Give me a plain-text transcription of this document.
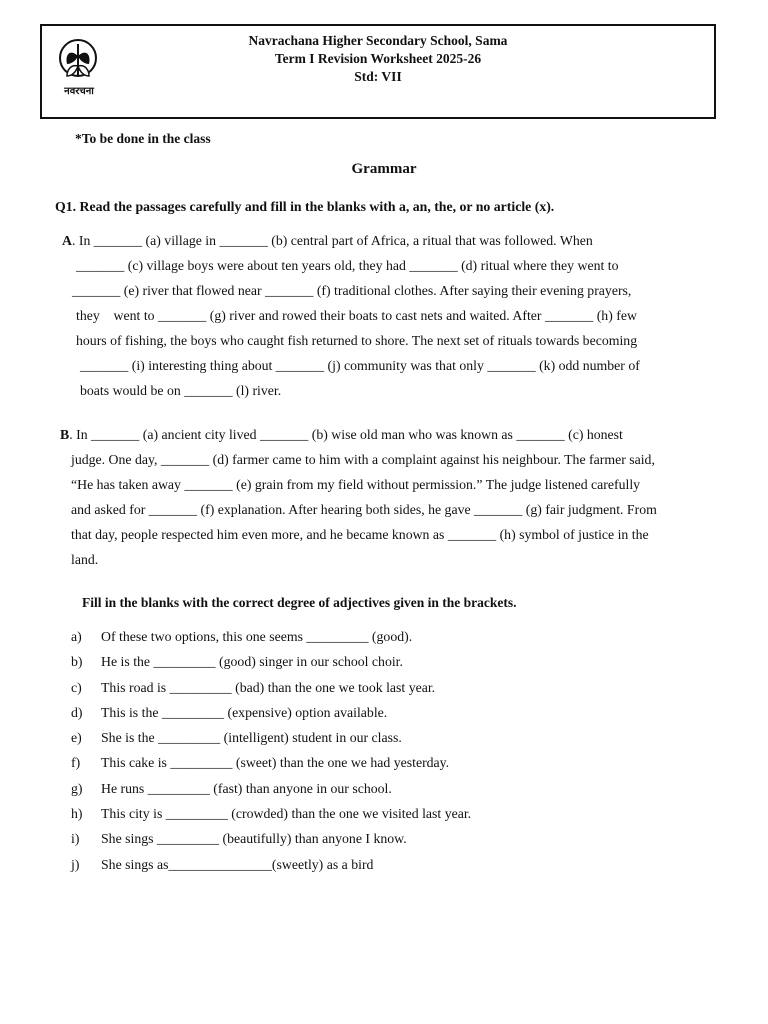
नवरचना
Navrachana Higher Secondary School, Sama
Term I Revision Worksheet 2025-26
Std: VII
*To be done in the class
Grammar
Q1. Read the passages carefully and fill in the blanks with a, an, the, or no article (x).
A. In _______ (a) village in _______ (b) central part of Africa, a ritual that was followed. When
_______ (c) village boys were about ten years old, they had _______ (d) ritual where they went to
_______ (e) river that flowed near _______ (f) traditional clothes. After saying their evening prayers,
they    went to _______ (g) river and rowed their boats to cast nets and waited. After _______ (h) few
hours of fishing, the boys who caught fish returned to shore. The next set of rituals towards becoming
_______ (i) interesting thing about _______ (j) community was that only _______ (k) odd number of
boats would be on _______ (l) river.
B. In _______ (a) ancient city lived _______ (b) wise old man who was known as _______ (c) honest
judge. One day, _______ (d) farmer came to him with a complaint against his neighbour. The farmer said,
“He has taken away _______ (e) grain from my field without permission.” The judge listened carefully
and asked for _______ (f) explanation. After hearing both sides, he gave _______ (g) fair judgment. From
that day, people respected him even more, and he became known as _______ (h) symbol of justice in the
land.
Fill in the blanks with the correct degree of adjectives given in the brackets.
a)	Of these two options, this one seems _________ (good).
b)	He is the _________ (good) singer in our school choir.
c)	This road is _________ (bad) than the one we took last year.
d)	This is the _________ (expensive) option available.
e)	She is the _________ (intelligent) student in our class.
f)	This cake is _________ (sweet) than the one we had yesterday.
g)	He runs _________ (fast) than anyone in our school.
h)	This city is _________ (crowded) than the one we visited last year.
i)	She sings _________ (beautifully) than anyone I know.
j)	She sings as_______________(sweetly) as a bird
